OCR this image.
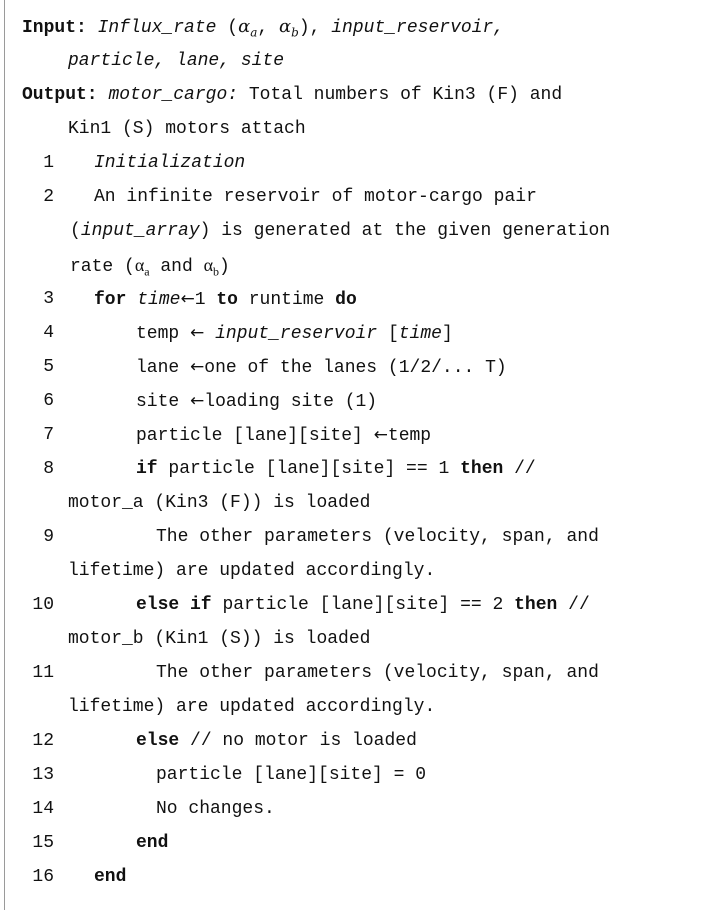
Input: Influx_rate ($\alpha_a$, $\alpha_b$), input_reservoir,
particle, lane, site
Output: motor_cargo: Total numbers of Kin3 (F) and
Kin1 (S) motors attach
1 Initialization
2 An infinite reservoir of motor-cargo pair
(input_array) is generated at the given generation
rate ($\alpha_a$ and $\alpha_b$)
3 for time←1 to runtime do
4	temp ← input_reservoir [time]
5	lane ←one of the lanes (1/2/... T)
6	site ←loading site (1)
7	particle [lane][site] ←temp
8	if particle [lane][site] == 1 then //
motor_a (Kin3 (F)) is loaded
9	The other parameters (velocity, span, and
lifetime) are updated accordingly.
10	else if particle [lane][site] == 2 then //
motor_b (Kin1 (S)) is loaded
11	The other parameters (velocity, span, and
lifetime) are updated accordingly.
12	else // no motor is loaded
13	particle [lane][site] = 0
14	No changes.
15	end
16 end
